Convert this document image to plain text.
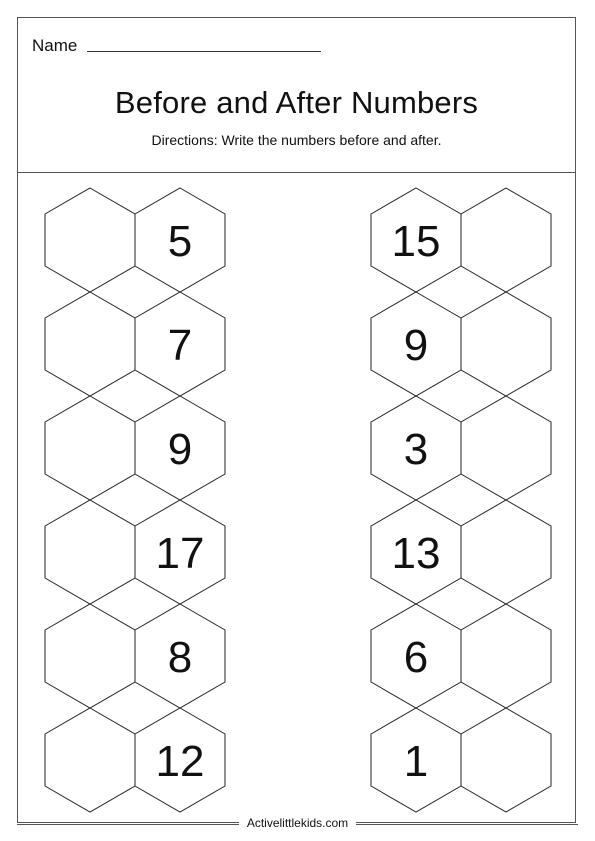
Name
Before and After Numbers
Directions: Write the numbers before and after.
5
7
9
17
8
12
15
9
3
13
6
1
Activelittlekids.com
